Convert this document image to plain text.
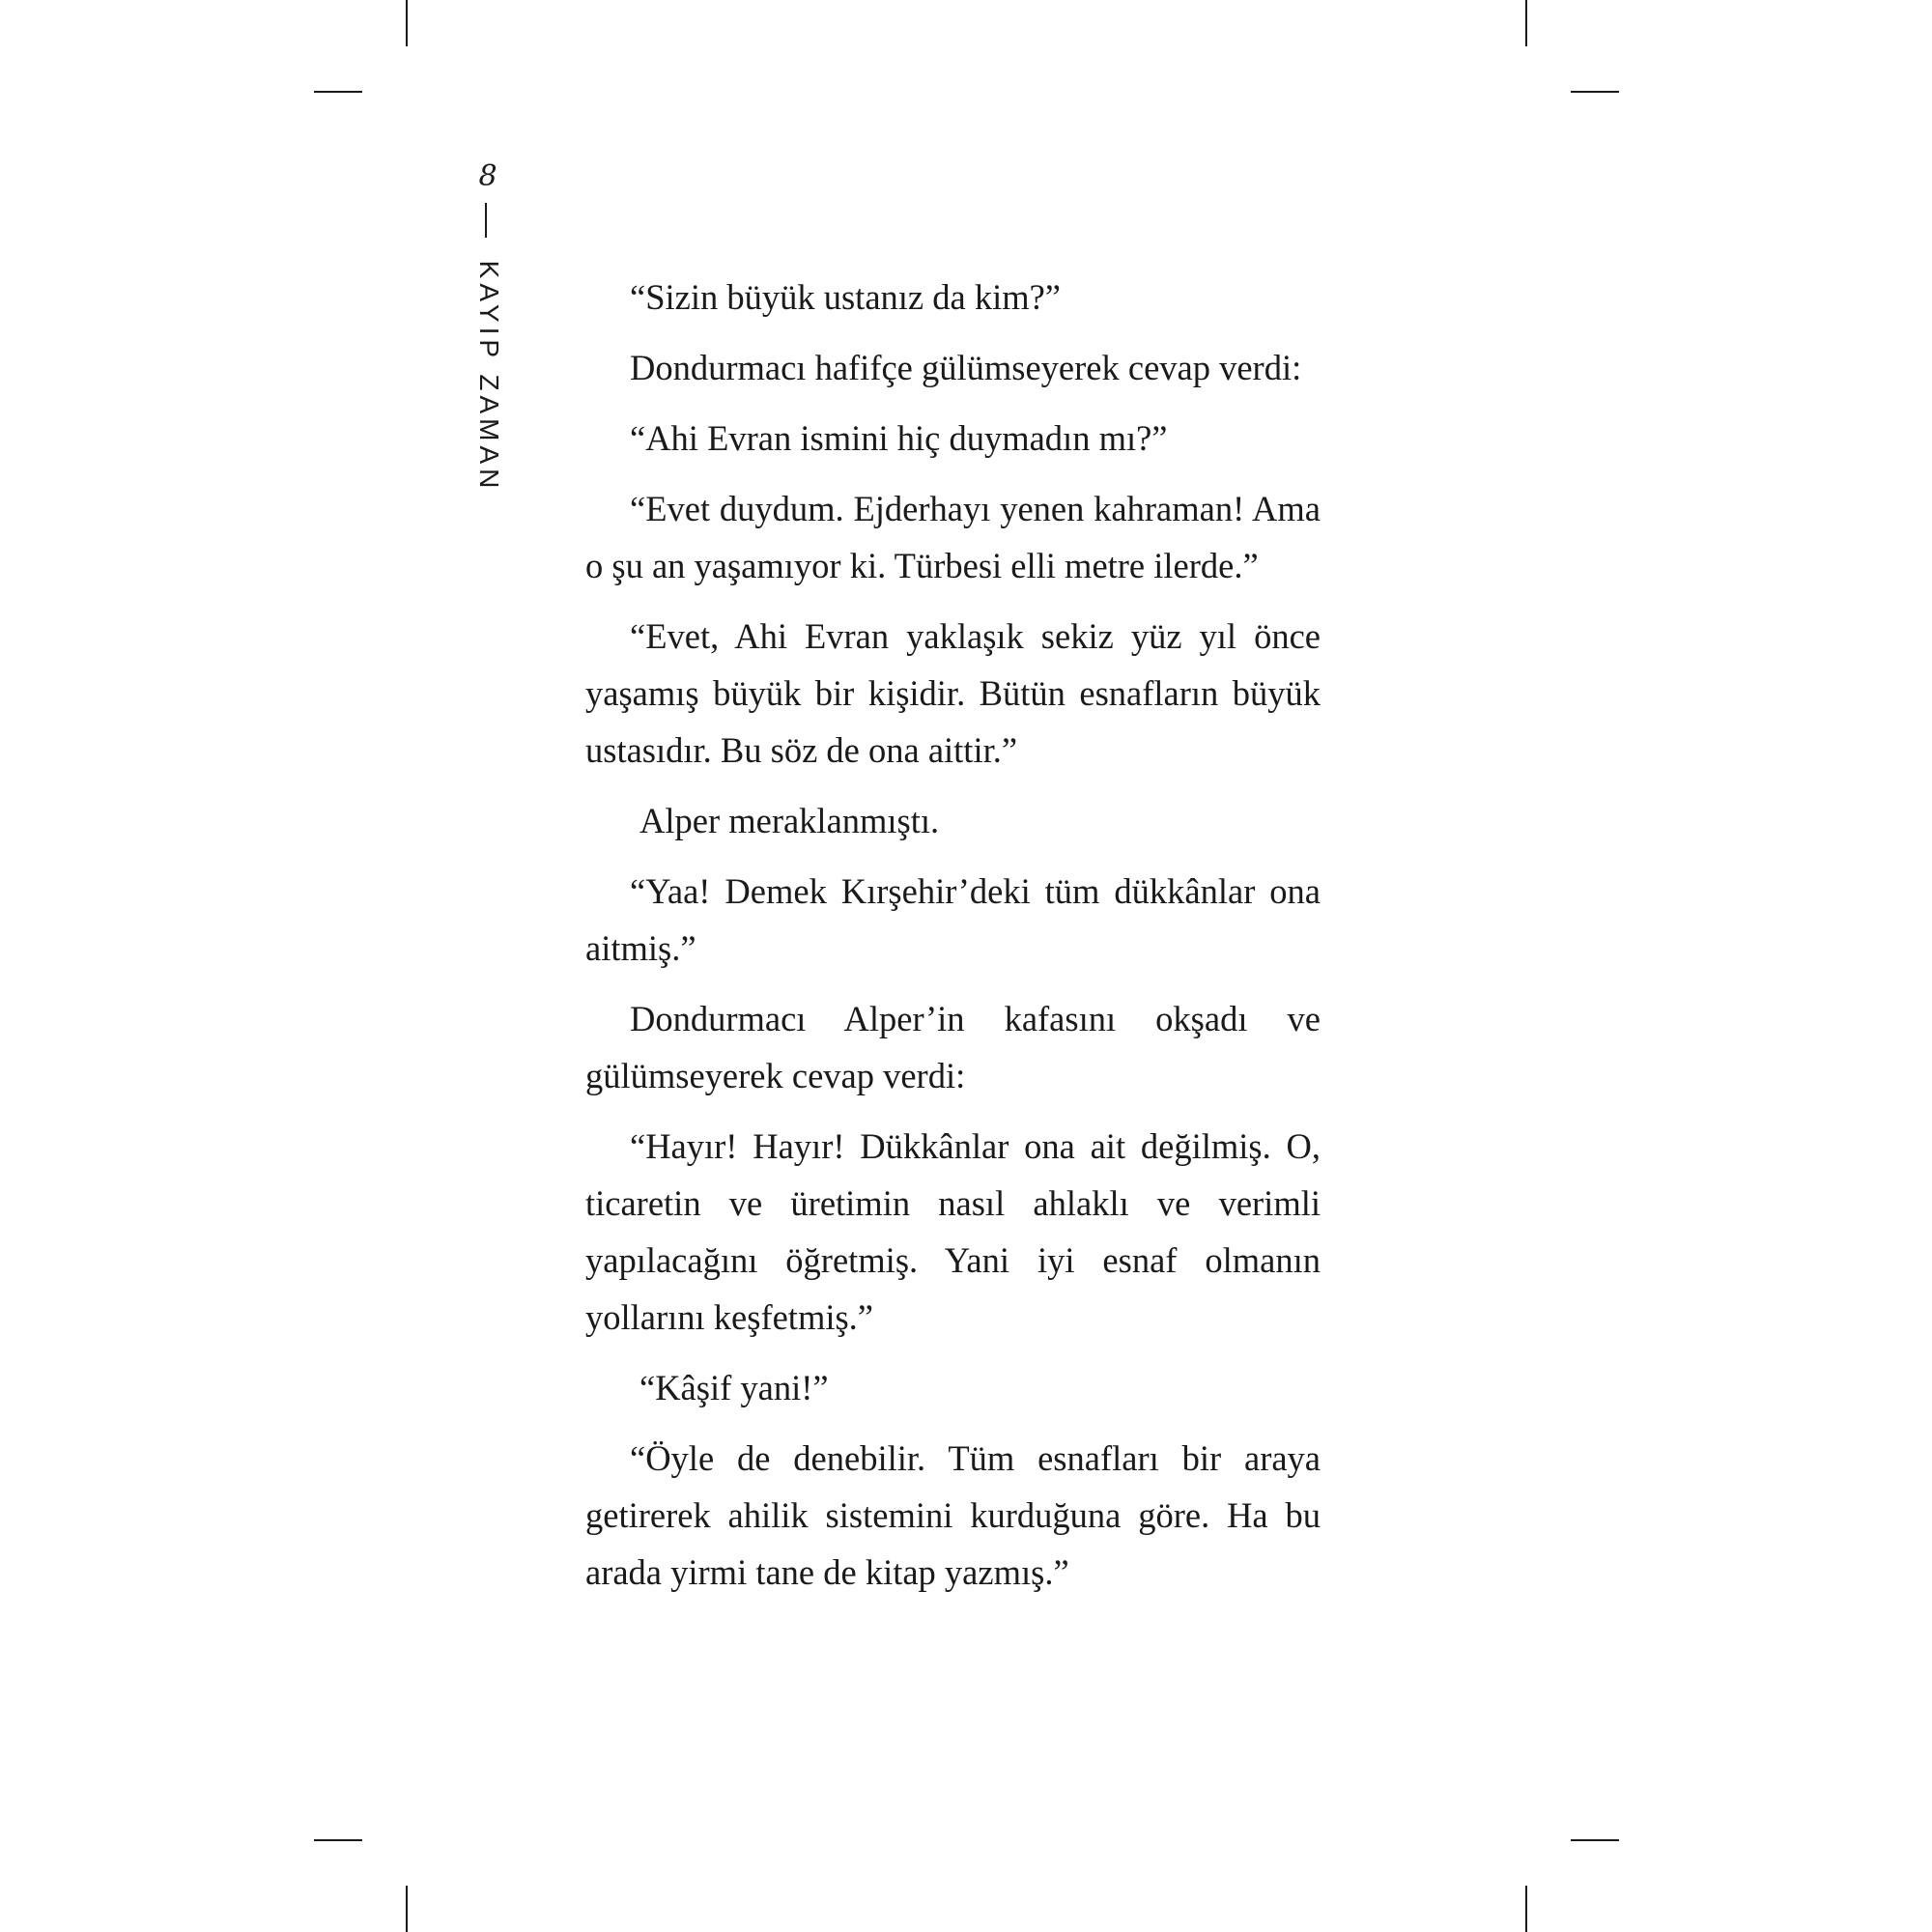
8
KAYIP ZAMAN	“Sizin büyük ustanız da kim?”

Dondurmacı hafifçe gülümseyerek cevap verdi:

“Ahi Evran ismini hiç duymadın mı?”

“Evet duydum. Ejderhayı yenen kahraman! Ama o şu an yaşamıyor ki. Türbesi elli metre ilerde.”

“Evet, Ahi Evran yaklaşık sekiz yüz yıl önce yaşamış büyük bir kişidir. Bütün esnafların büyük ustasıdır. Bu söz de ona aittir.”

Alper meraklanmıştı.

“Yaa! Demek Kırşehir’deki tüm dükkânlar ona aitmiş.”

Dondurmacı Alper’in kafasını okşadı ve gülümseyerek cevap verdi:

“Hayır! Hayır! Dükkânlar ona ait değilmiş. O, ticaretin ve üretimin nasıl ahlaklı ve verimli yapılacağını öğretmiş. Yani iyi esnaf olmanın yollarını keşfetmiş.”

“Kâşif yani!”

“Öyle de denebilir. Tüm esnafları bir araya getirerek ahilik sistemini kurduğuna göre. Ha bu arada yirmi tane de kitap yazmış.”
